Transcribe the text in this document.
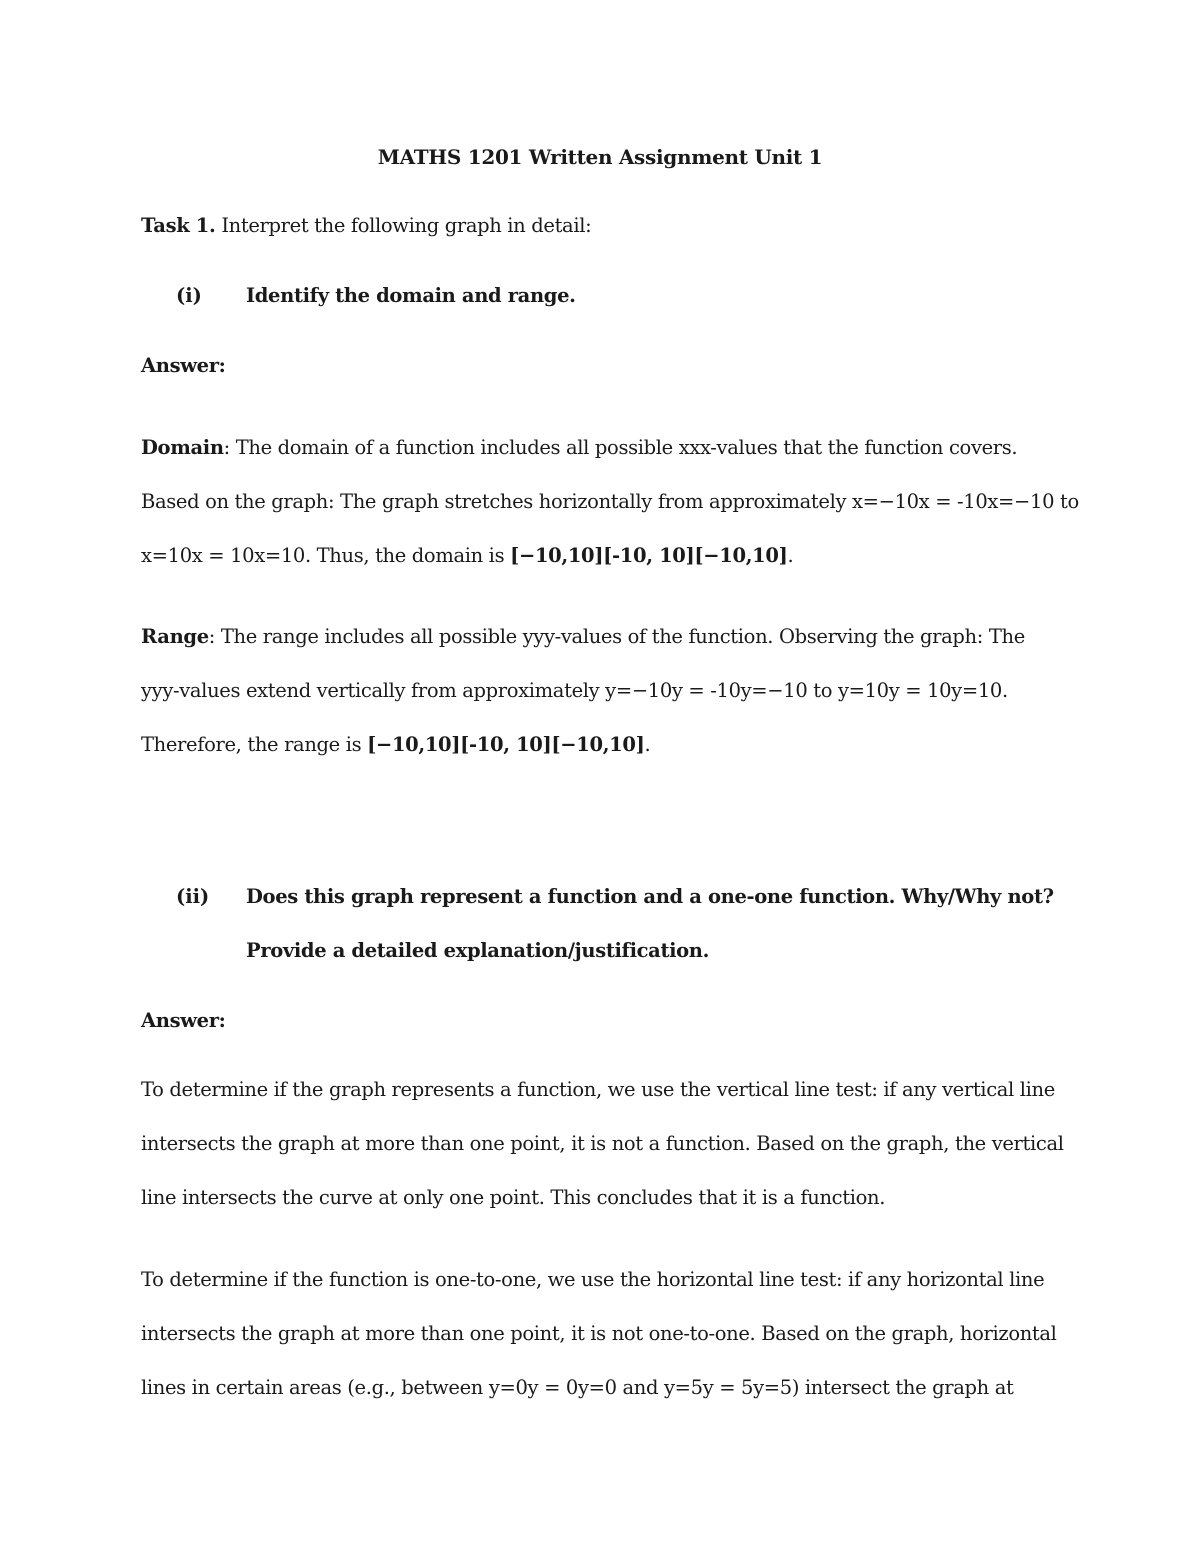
MATHS 1201 Written Assignment Unit 1
Task 1. Interpret the following graph in detail:
(i) Identify the domain and range.
Answer:
Domain: The domain of a function includes all possible xxx-values that the function covers.
Based on the graph: The graph stretches horizontally from approximately x=−10x = -10x=−10 to
x=10x = 10x=10. Thus, the domain is [−10,10][-10, 10][−10,10].
Range: The range includes all possible yyy-values of the function. Observing the graph: The
yyy-values extend vertically from approximately y=−10y = -10y=−10 to y=10y = 10y=10.
Therefore, the range is [−10,10][-10, 10][−10,10].
(ii) Does this graph represent a function and a one-one function. Why/Why not?
Provide a detailed explanation/justification.
Answer:
To determine if the graph represents a function, we use the vertical line test: if any vertical line
intersects the graph at more than one point, it is not a function. Based on the graph, the vertical
line intersects the curve at only one point. This concludes that it is a function.
To determine if the function is one-to-one, we use the horizontal line test: if any horizontal line
intersects the graph at more than one point, it is not one-to-one. Based on the graph, horizontal
lines in certain areas (e.g., between y=0y = 0y=0 and y=5y = 5y=5) intersect the graph at
